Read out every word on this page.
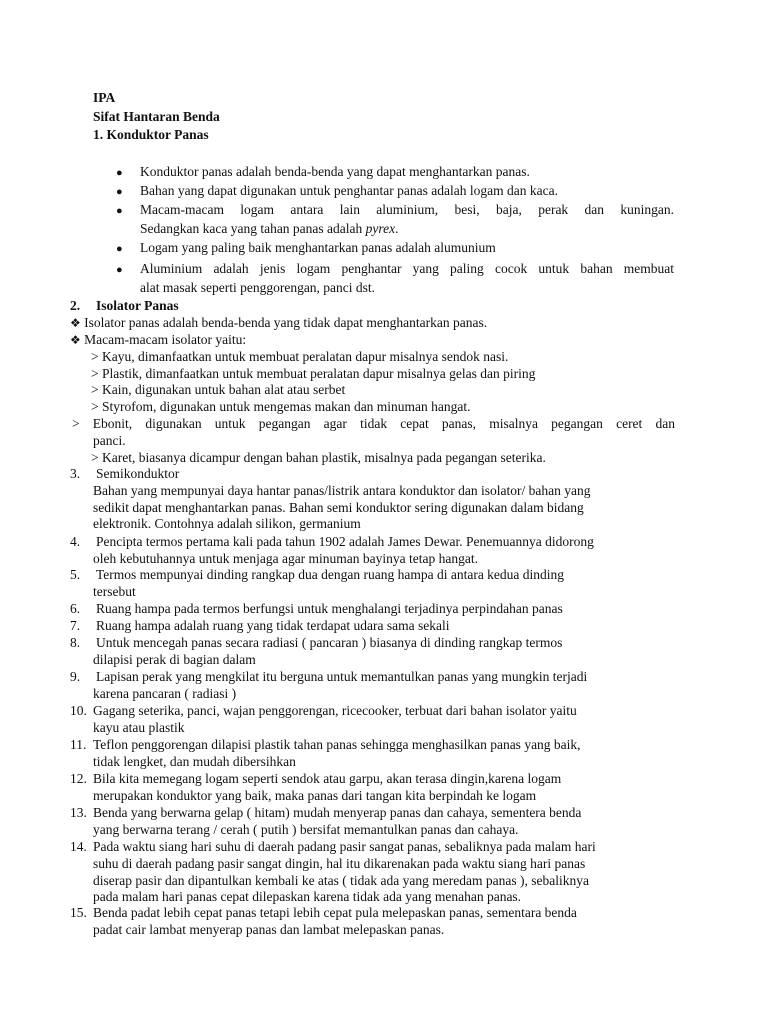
IPA
Sifat Hantaran Benda
1. Konduktor Panas
● Konduktor panas adalah benda-benda yang dapat menghantarkan panas.
● Bahan yang dapat digunakan untuk penghantar panas adalah logam dan kaca.
● Macam-macam logam antara lain aluminium, besi, baja, perak dan kuningan.
Sedangkan kaca yang tahan panas adalah pyrex.
● Logam yang paling baik menghantarkan panas adalah alumunium
● Aluminium adalah jenis logam penghantar yang paling cocok untuk bahan membuat
alat masak seperti penggorengan, panci dst.
2. Isolator Panas
❖ Isolator panas adalah benda-benda yang tidak dapat menghantarkan panas.
❖ Macam-macam isolator yaitu:
> Kayu, dimanfaatkan untuk membuat peralatan dapur misalnya sendok nasi.
> Plastik, dimanfaatkan untuk membuat peralatan dapur misalnya gelas dan piring
> Kain, digunakan untuk bahan alat atau serbet
> Styrofom, digunakan untuk mengemas makan dan minuman hangat.
> Ebonit, digunakan untuk pegangan agar tidak cepat panas, misalnya pegangan ceret dan
panci.
> Karet, biasanya dicampur dengan bahan plastik, misalnya pada pegangan seterika.
3. Semikonduktor
Bahan yang mempunyai daya hantar panas/listrik antara konduktor dan isolator/ bahan yang
sedikit dapat menghantarkan panas. Bahan semi konduktor sering digunakan dalam bidang
elektronik. Contohnya adalah silikon, germanium
4. Pencipta termos pertama kali pada tahun 1902 adalah James Dewar. Penemuannya didorong
oleh kebutuhannya untuk menjaga agar minuman bayinya tetap hangat.
5. Termos mempunyai dinding rangkap dua dengan ruang hampa di antara kedua dinding
tersebut
6. Ruang hampa pada termos berfungsi untuk menghalangi terjadinya perpindahan panas
7. Ruang hampa adalah ruang yang tidak terdapat udara sama sekali
8. Untuk mencegah panas secara radiasi ( pancaran ) biasanya di dinding rangkap termos
dilapisi perak di bagian dalam
9. Lapisan perak yang mengkilat itu berguna untuk memantulkan panas yang mungkin terjadi
karena pancaran ( radiasi )
10. Gagang seterika, panci, wajan penggorengan, ricecooker, terbuat dari bahan isolator yaitu
kayu atau plastik
11. Teflon penggorengan dilapisi plastik tahan panas sehingga menghasilkan panas yang baik,
tidak lengket, dan mudah dibersihkan
12. Bila kita memegang logam seperti sendok atau garpu, akan terasa dingin,karena logam
merupakan konduktor yang baik, maka panas dari tangan kita berpindah ke logam
13. Benda yang berwarna gelap ( hitam) mudah menyerap panas dan cahaya, sementera benda
yang berwarna terang / cerah ( putih ) bersifat memantulkan panas dan cahaya.
14. Pada waktu siang hari suhu di daerah padang pasir sangat panas, sebaliknya pada malam hari
suhu di daerah padang pasir sangat dingin, hal itu dikarenakan pada waktu siang hari panas
diserap pasir dan dipantulkan kembali ke atas ( tidak ada yang meredam panas ), sebaliknya
pada malam hari panas cepat dilepaskan karena tidak ada yang menahan panas.
15. Benda padat lebih cepat panas tetapi lebih cepat pula melepaskan panas, sementara benda
padat cair lambat menyerap panas dan lambat melepaskan panas.
